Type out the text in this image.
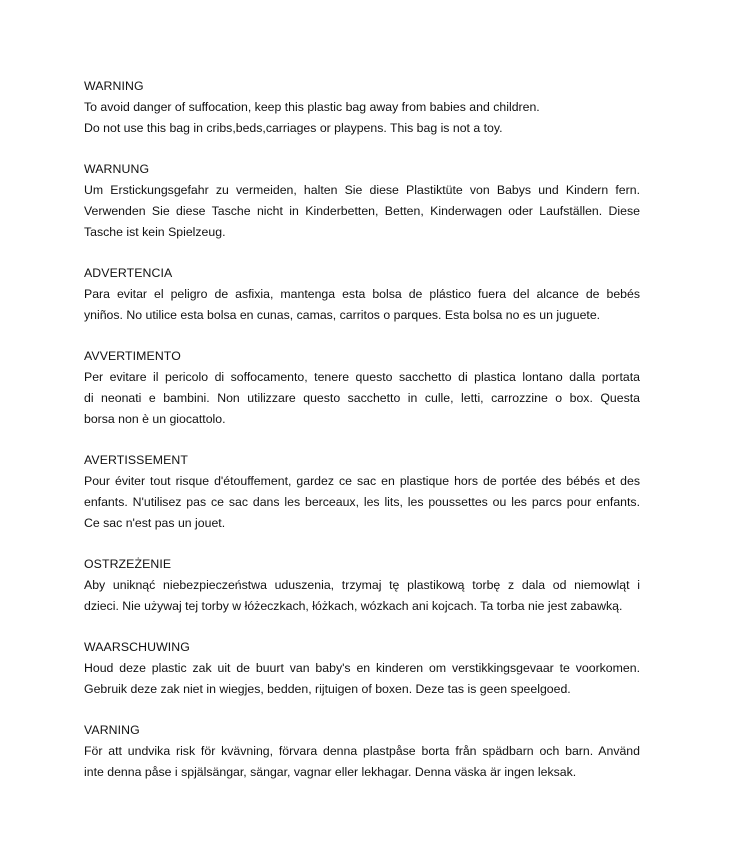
WARNING

To avoid danger of suffocation, keep this plastic bag away from babies and children.

Do not use this bag in cribs,beds,carriages or playpens. This bag is not a toy.

WARNUNG

Um Erstickungsgefahr zu vermeiden, halten Sie diese Plastiktüte von Babys und Kindern fern.

Verwenden Sie diese Tasche nicht in Kinderbetten, Betten, Kinderwagen oder Laufställen. Diese

Tasche ist kein Spielzeug.

ADVERTENCIA

Para evitar el peligro de asfixia, mantenga esta bolsa de plástico fuera del alcance de bebés

yniños. No utilice esta bolsa en cunas, camas, carritos o parques. Esta bolsa no es un juguete.

AVVERTIMENTO

Per evitare il pericolo di soffocamento, tenere questo sacchetto di plastica lontano dalla portata

di neonati e bambini. Non utilizzare questo sacchetto in culle, letti, carrozzine o box. Questa

borsa non è un giocattolo.

AVERTISSEMENT

Pour éviter tout risque d'étouffement, gardez ce sac en plastique hors de portée des bébés et des

enfants. N'utilisez pas ce sac dans les berceaux, les lits, les poussettes ou les parcs pour enfants.

Ce sac n'est pas un jouet.

OSTRZEŻENIE

Aby uniknąć niebezpieczeństwa uduszenia, trzymaj tę plastikową torbę z dala od niemowląt i

dzieci. Nie używaj tej torby w łóżeczkach, łóżkach, wózkach ani kojcach. Ta torba nie jest zabawką.

WAARSCHUWING

Houd deze plastic zak uit de buurt van baby's en kinderen om verstikkingsgevaar te voorkomen.

Gebruik deze zak niet in wiegjes, bedden, rijtuigen of boxen. Deze tas is geen speelgoed.

VARNING

För att undvika risk för kvävning, förvara denna plastpåse borta från spädbarn och barn. Använd

inte denna påse i spjälsängar, sängar, vagnar eller lekhagar. Denna väska är ingen leksak.
